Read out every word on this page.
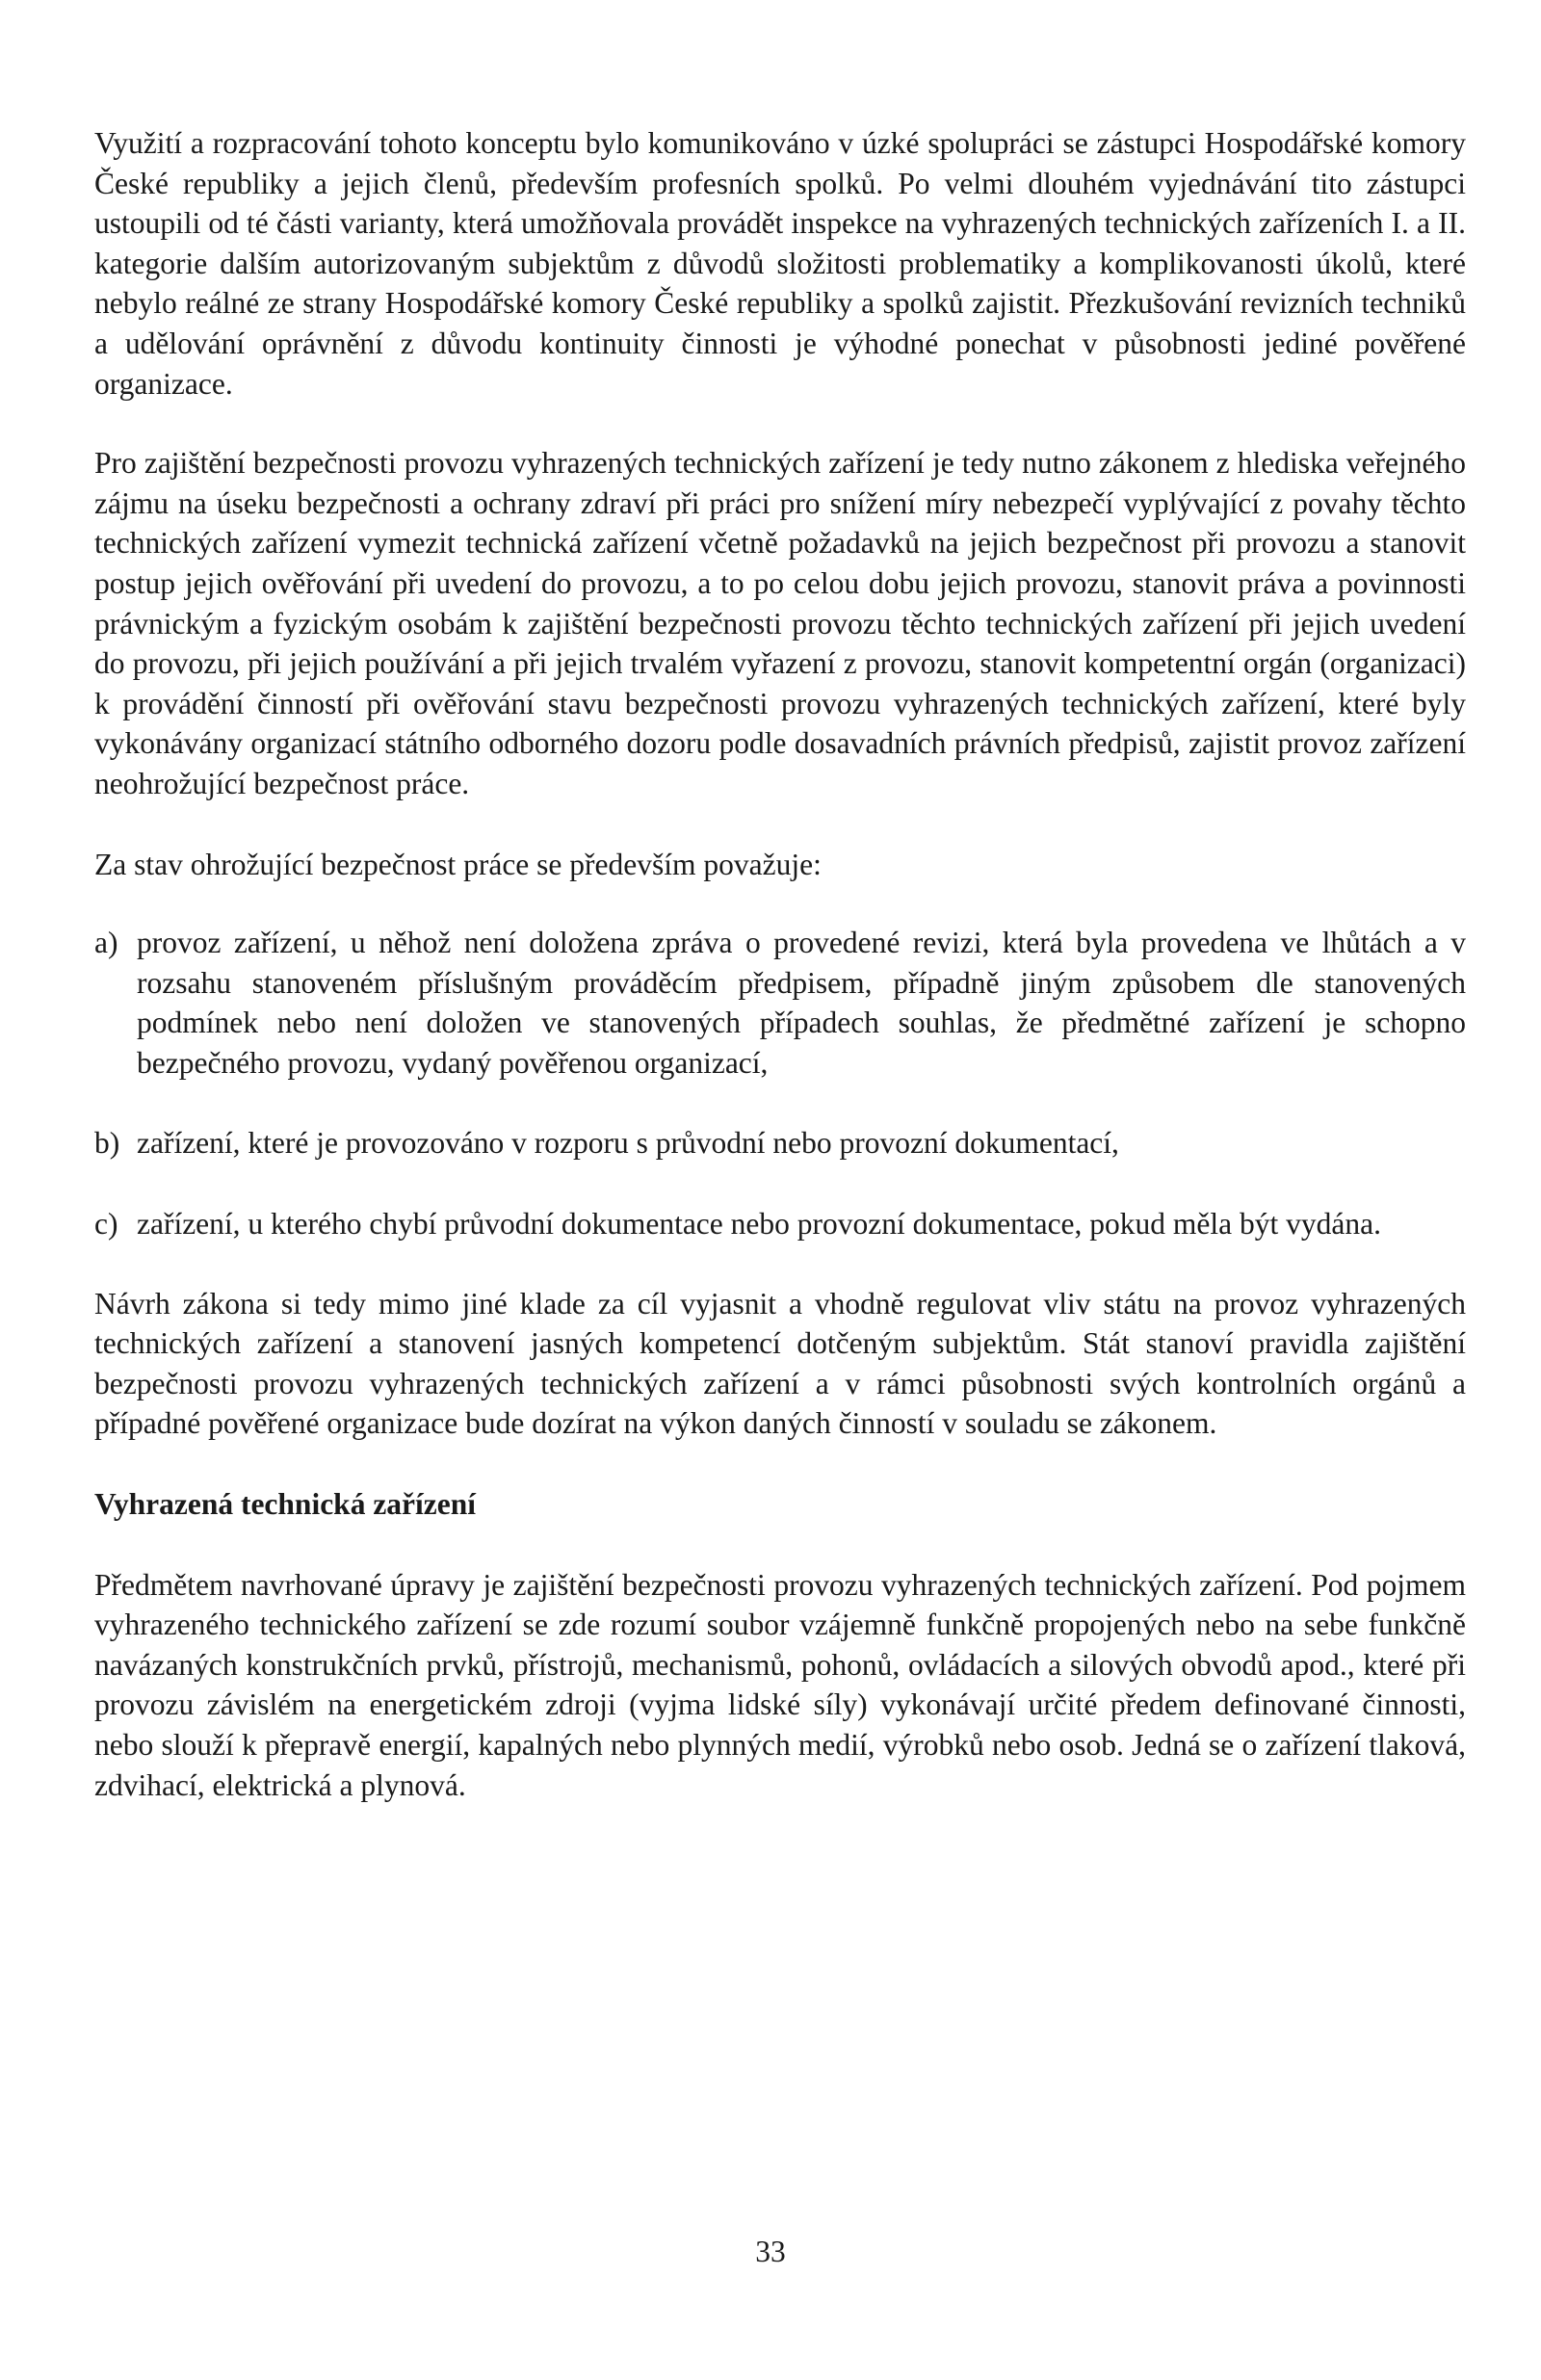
Využití a rozpracování tohoto konceptu bylo komunikováno v úzké spolupráci se zástupci Hospodářské komory České republiky a jejich členů, především profesních spolků. Po velmi dlouhém vyjednávání tito zástupci ustoupili od té části varianty, která umožňovala provádět inspekce na vyhrazených technických zařízeních I. a II. kategorie dalším autorizovaným subjektům z důvodů složitosti problematiky a komplikovanosti úkolů, které nebylo reálné ze strany Hospodářské komory České republiky a spolků zajistit. Přezkušování revizních techniků a udělování oprávnění z důvodu kontinuity činnosti je výhodné ponechat v působnosti jediné pověřené organizace.

Pro zajištění bezpečnosti provozu vyhrazených technických zařízení je tedy nutno zákonem z hlediska veřejného zájmu na úseku bezpečnosti a ochrany zdraví při práci pro snížení míry nebezpečí vyplývající z povahy těchto technických zařízení vymezit technická zařízení včetně požadavků na jejich bezpečnost při provozu a stanovit postup jejich ověřování při uvedení do provozu, a to po celou dobu jejich provozu, stanovit práva a povinnosti právnickým a fyzickým osobám k zajištění bezpečnosti provozu těchto technických zařízení při jejich uvedení do provozu, při jejich používání a při jejich trvalém vyřazení z provozu, stanovit kompetentní orgán (organizaci) k provádění činností při ověřování stavu bezpečnosti provozu vyhrazených technických zařízení, které byly vykonávány organizací státního odborného dozoru podle dosavadních právních předpisů, zajistit provoz zařízení neohrožující bezpečnost práce.

Za stav ohrožující bezpečnost práce se především považuje:

a) provoz zařízení, u něhož není doložena zpráva o provedené revizi, která byla provedena ve lhůtách a v rozsahu stanoveném příslušným prováděcím předpisem, případně jiným způsobem dle stanovených podmínek nebo není doložen ve stanovených případech souhlas, že předmětné zařízení je schopno bezpečného provozu, vydaný pověřenou organizací,
b) zařízení, které je provozováno v rozporu s průvodní nebo provozní dokumentací,
c) zařízení, u kterého chybí průvodní dokumentace nebo provozní dokumentace, pokud měla být vydána.

Návrh zákona si tedy mimo jiné klade za cíl vyjasnit a vhodně regulovat vliv státu na provoz vyhrazených technických zařízení a stanovení jasných kompetencí dotčeným subjektům. Stát stanoví pravidla zajištění bezpečnosti provozu vyhrazených technických zařízení a v rámci působnosti svých kontrolních orgánů a případné pověřené organizace bude dozírat na výkon daných činností v souladu se zákonem.

Vyhrazená technická zařízení

Předmětem navrhované úpravy je zajištění bezpečnosti provozu vyhrazených technických zařízení. Pod pojmem vyhrazeného technického zařízení se zde rozumí soubor vzájemně funkčně propojených nebo na sebe funkčně navázaných konstrukčních prvků, přístrojů, mechanismů, pohonů, ovládacích a silových obvodů apod., které při provozu závislém na energetickém zdroji (vyjma lidské síly) vykonávají určité předem definované činnosti, nebo slouží k přepravě energií, kapalných nebo plynných medií, výrobků nebo osob. Jedná se o zařízení tlaková, zdvihací, elektrická a plynová.

33
